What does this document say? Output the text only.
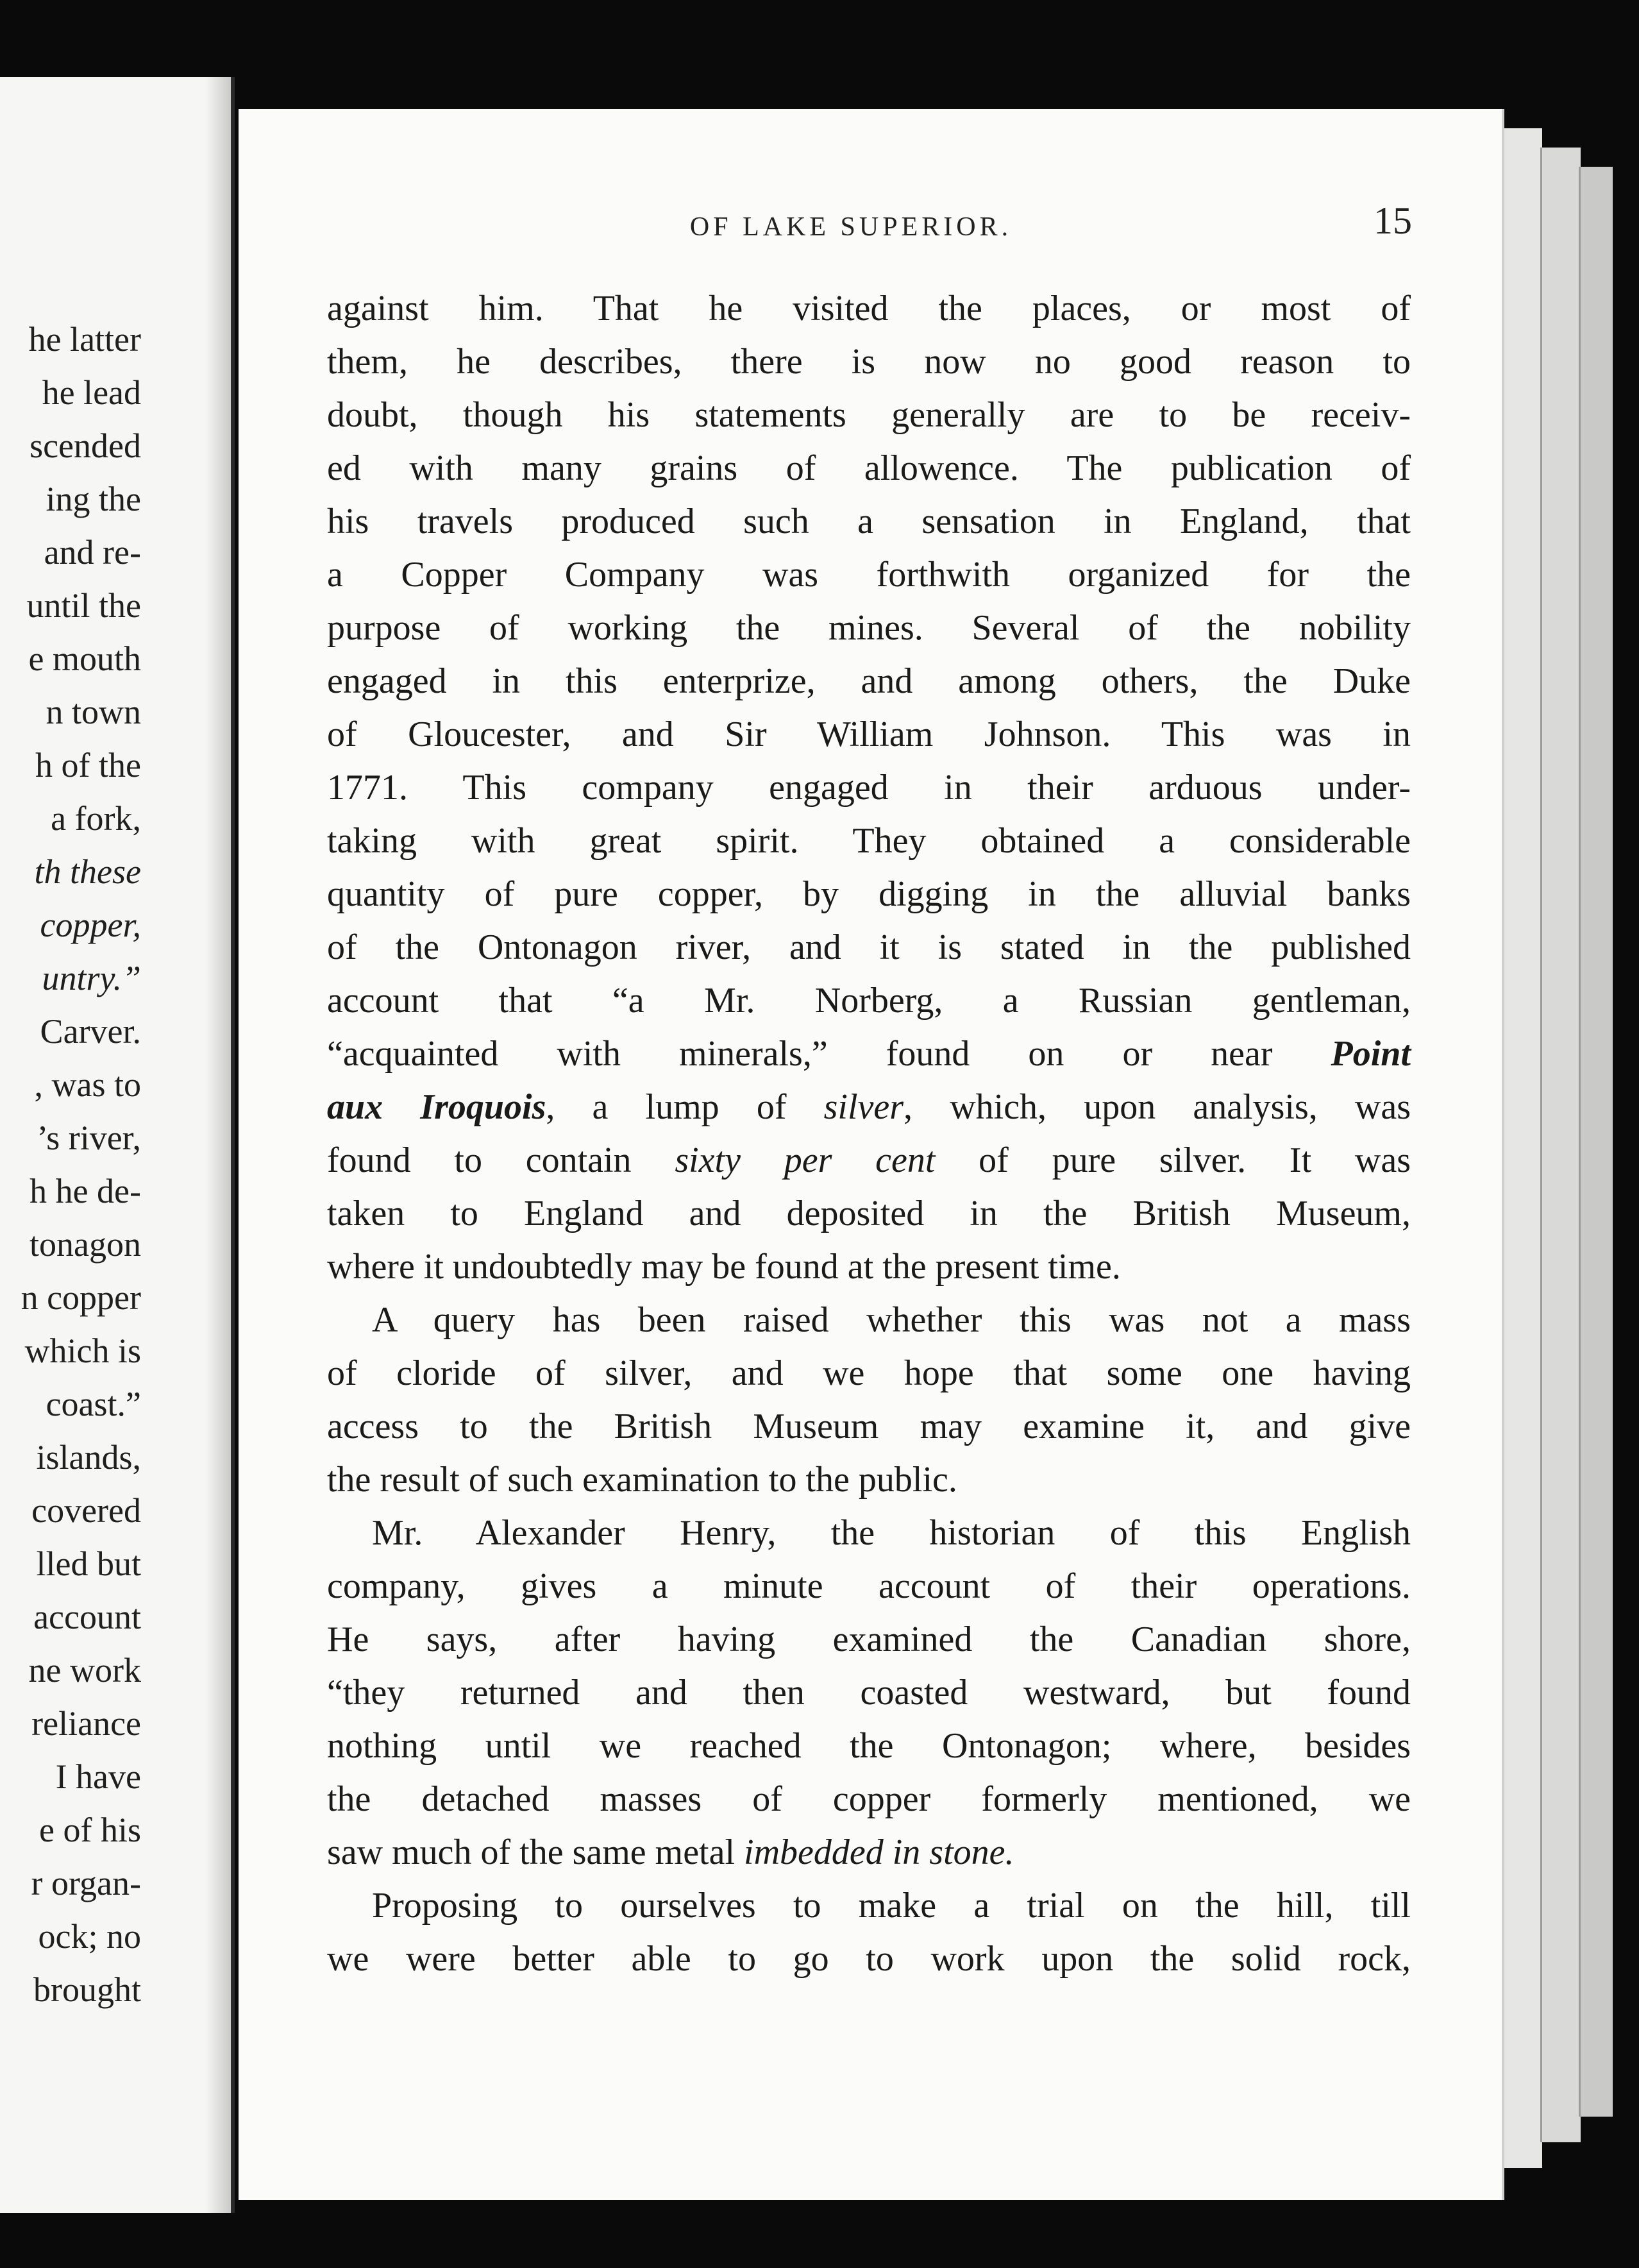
he latter
he lead
scended
ing the
and re-
until the
e mouth
n town
h of the
a fork,
th these
copper,
untry.”
Carver.
, was to
’s river,
h he de-
tonagon
n copper
which is
coast.”
islands,
covered
lled but
account
ne work
reliance
I have
e of his
r organ-
ock; no
brought
OF LAKE SUPERIOR.	15
against him. That he visited the places, or most of
them, he describes, there is now no good reason to
doubt, though his statements generally are to be receiv-
ed with many grains of allowence. The publication of
his travels produced such a sensation in England, that
a Copper Company was forthwith organized for the
purpose of working the mines. Several of the nobility
engaged in this enterprize, and among others, the Duke
of Gloucester, and Sir William Johnson. This was in
1771. This company engaged in their arduous under-
taking with great spirit. They obtained a considerable
quantity of pure copper, by digging in the alluvial banks
of the Ontonagon river, and it is stated in the published
account that “a Mr. Norberg, a Russian gentleman,
“acquainted with minerals,” found on or near Point
aux Iroquois, a lump of silver, which, upon analysis, was
found to contain sixty per cent of pure silver. It was
taken to England and deposited in the British Museum,
where it undoubtedly may be found at the present time.
A query has been raised whether this was not a mass
of cloride of silver, and we hope that some one having
access to the British Museum may examine it, and give
the result of such examination to the public.
Mr. Alexander Henry, the historian of this English
company, gives a minute account of their operations.
He says, after having examined the Canadian shore,
“they returned and then coasted westward, but found
nothing until we reached the Ontonagon; where, besides
the detached masses of copper formerly mentioned, we
saw much of the same metal imbedded in stone.
Proposing to ourselves to make a trial on the hill, till
we were better able to go to work upon the solid rock,
